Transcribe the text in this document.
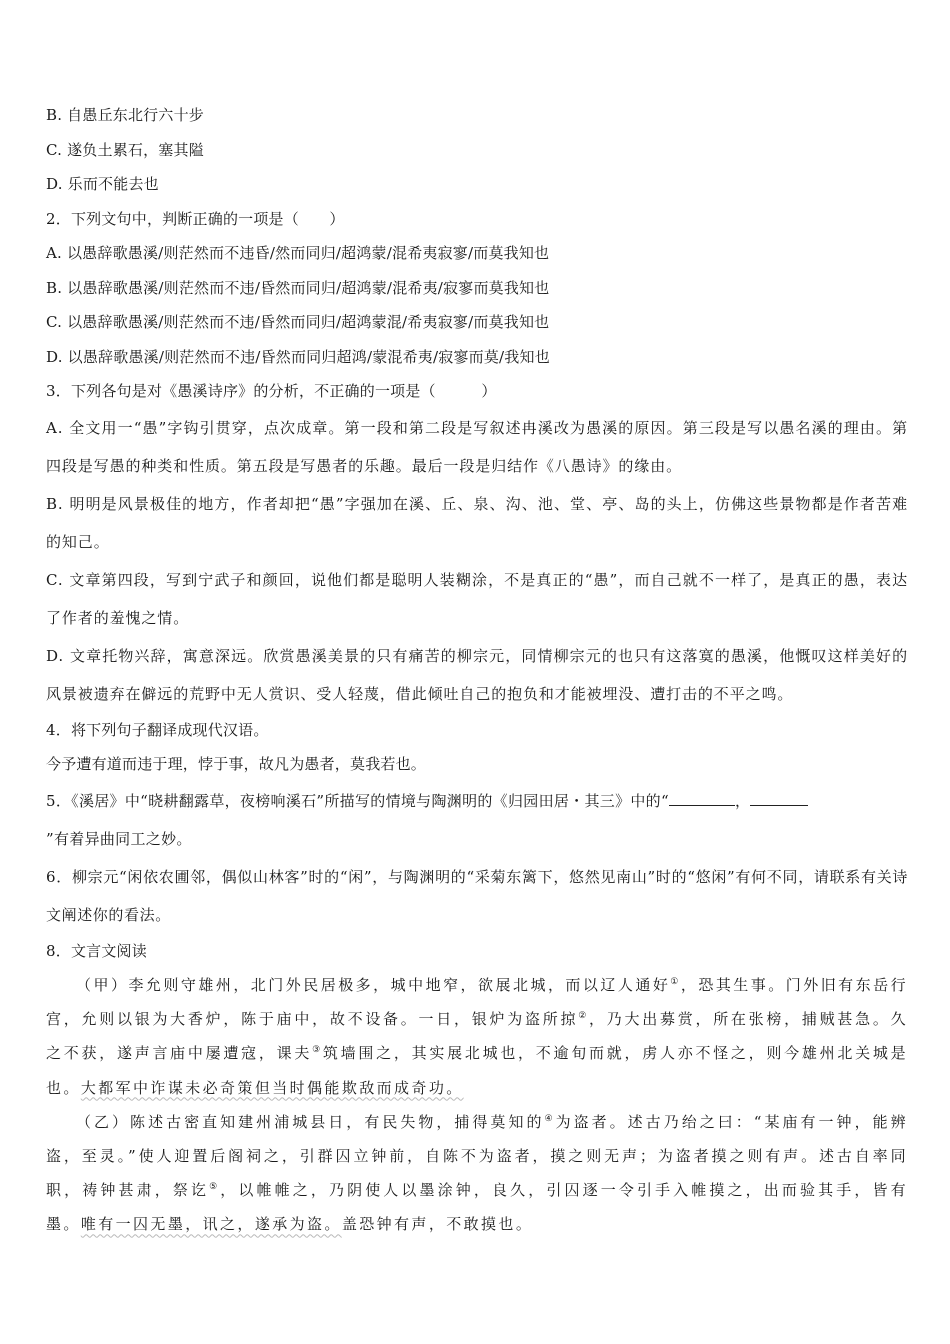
B. 自愚丘东北行六十步
C. 遂负土累石，塞其隘
D. 乐而不能去也
2．下列文句中，判断正确的一项是（　　）
A. 以愚辞歌愚溪/则茫然而不违昏/然而同归/超鸿蒙/混希夷寂寥/而莫我知也
B. 以愚辞歌愚溪/则茫然而不违/昏然而同归/超鸿蒙/混希夷/寂寥而莫我知也
C. 以愚辞歌愚溪/则茫然而不违/昏然而同归/超鸿蒙混/希夷寂寥/而莫我知也
D. 以愚辞歌愚溪/则茫然而不违/昏然而同归超鸿/蒙混希夷/寂寥而莫/我知也
3．下列各句是对《愚溪诗序》的分析，不正确的一项是（　　　）
A. 全文用一“愚”字钩引贯穿，点次成章。第一段和第二段是写叙述冉溪改为愚溪的原因。第三段是写以愚名溪的理由。第四段是写愚的种类和性质。第五段是写愚者的乐趣。最后一段是归结作《八愚诗》的缘由。
B. 明明是风景极佳的地方，作者却把“愚”字强加在溪、丘、泉、沟、池、堂、亭、岛的头上，仿佛这些景物都是作者苦难的知己。
C. 文章第四段，写到宁武子和颜回，说他们都是聪明人装糊涂，不是真正的“愚”，而自己就不一样了，是真正的愚，表达了作者的羞愧之情。
D. 文章托物兴辞，寓意深远。欣赏愚溪美景的只有痛苦的柳宗元，同情柳宗元的也只有这落寞的愚溪，他慨叹这样美好的风景被遗弃在僻远的荒野中无人赏识、受人轻蔑，借此倾吐自己的抱负和才能被埋没、遭打击的不平之鸣。
4．将下列句子翻译成现代汉语。
今予遭有道而违于理，悖于事，故凡为愚者，莫我若也。
5．《溪居》中“晓耕翻露草，夜榜响溪石”所描写的情境与陶渊明的《归园田居・其三》中的“	，
”有着异曲同工之妙。
6．柳宗元“闲依农圃邻，偶似山林客”时的“闲”，与陶渊明的“采菊东篱下，悠然见南山”时的“悠闲”有何不同，请联系有关诗文阐述你的看法。
8．文言文阅读
（甲）李允则守雄州，北门外民居极多，城中地窄，欲展北城，而以辽人通好①，恐其生事。门外旧有东岳行宫，允则以银为大香炉，陈于庙中，故不设备。一日，银炉为盗所掠②，乃大出募赏，所在张榜，捕贼甚急。久之不获，遂声言庙中屡遭寇，课夫③筑墙围之，其实展北城也，不逾旬而就，虏人亦不怪之，则今雄州北关城是也。大都军中诈谋未必奇策但当时偶能欺敌而成奇功。
（乙）陈述古密直知建州浦城县日，有民失物，捕得莫知的④为盗者。述古乃绐之曰：“某庙有一钟，能辨盗，至灵。”使人迎置后阁祠之，引群囚立钟前，自陈不为盗者，摸之则无声；为盗者摸之则有声。述古自率同职，祷钟甚肃，祭讫⑤，以帷帷之，乃阴使人以墨涂钟，良久，引囚逐一令引手入帷摸之，出而验其手，皆有墨。唯有一囚无墨，讯之，遂承为盗。盖恐钟有声，不敢摸也。
